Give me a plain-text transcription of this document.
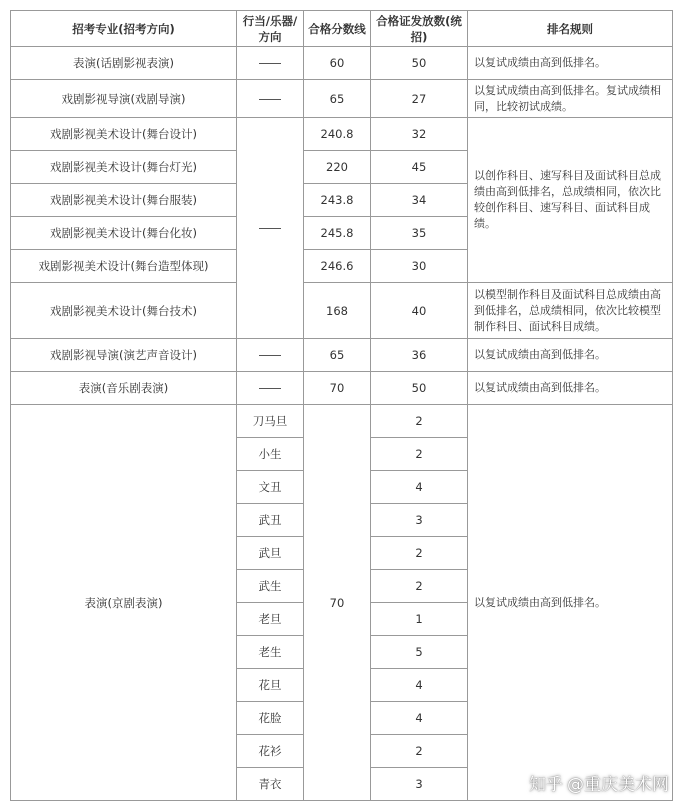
招考专业(招考方向)	行当/乐器/方向	合格分数线	合格证发放数(统招)	排名规则
表演(话剧影视表演)		60	50	以复试成绩由高到低排名。
戏剧影视导演(戏剧导演)		65	27	以复试成绩由高到低排名。复试成绩相同，比较初试成绩。
戏剧影视美术设计(舞台设计)		240.8	32	以创作科目、速写科目及面试科目总成绩由高到低排名，总成绩相同，依次比较创作科目、速写科目、面试科目成绩。
戏剧影视美术设计(舞台灯光)		220	45	
戏剧影视美术设计(舞台服装)		243.8	34	
戏剧影视美术设计(舞台化妆)		245.8	35	
戏剧影视美术设计(舞台造型体现)		246.6	30	
戏剧影视美术设计(舞台技术)		168	40	以模型制作科目及面试科目总成绩由高到低排名，总成绩相同，依次比较模型制作科目、面试科目成绩。
戏剧影视导演(演艺声音设计)		65	36	以复试成绩由高到低排名。
表演(音乐剧表演)		70	50	以复试成绩由高到低排名。
表演(京剧表演)	刀马旦	70	2	以复试成绩由高到低排名。
	小生		2	
	文丑		4	
	武丑		3	
	武旦		2	
	武生		2	
	老旦		1	
	老生		5	
	花旦		4	
	花脸		4	
	花衫		2	
	青衣		3		知乎 @重庆美术网
